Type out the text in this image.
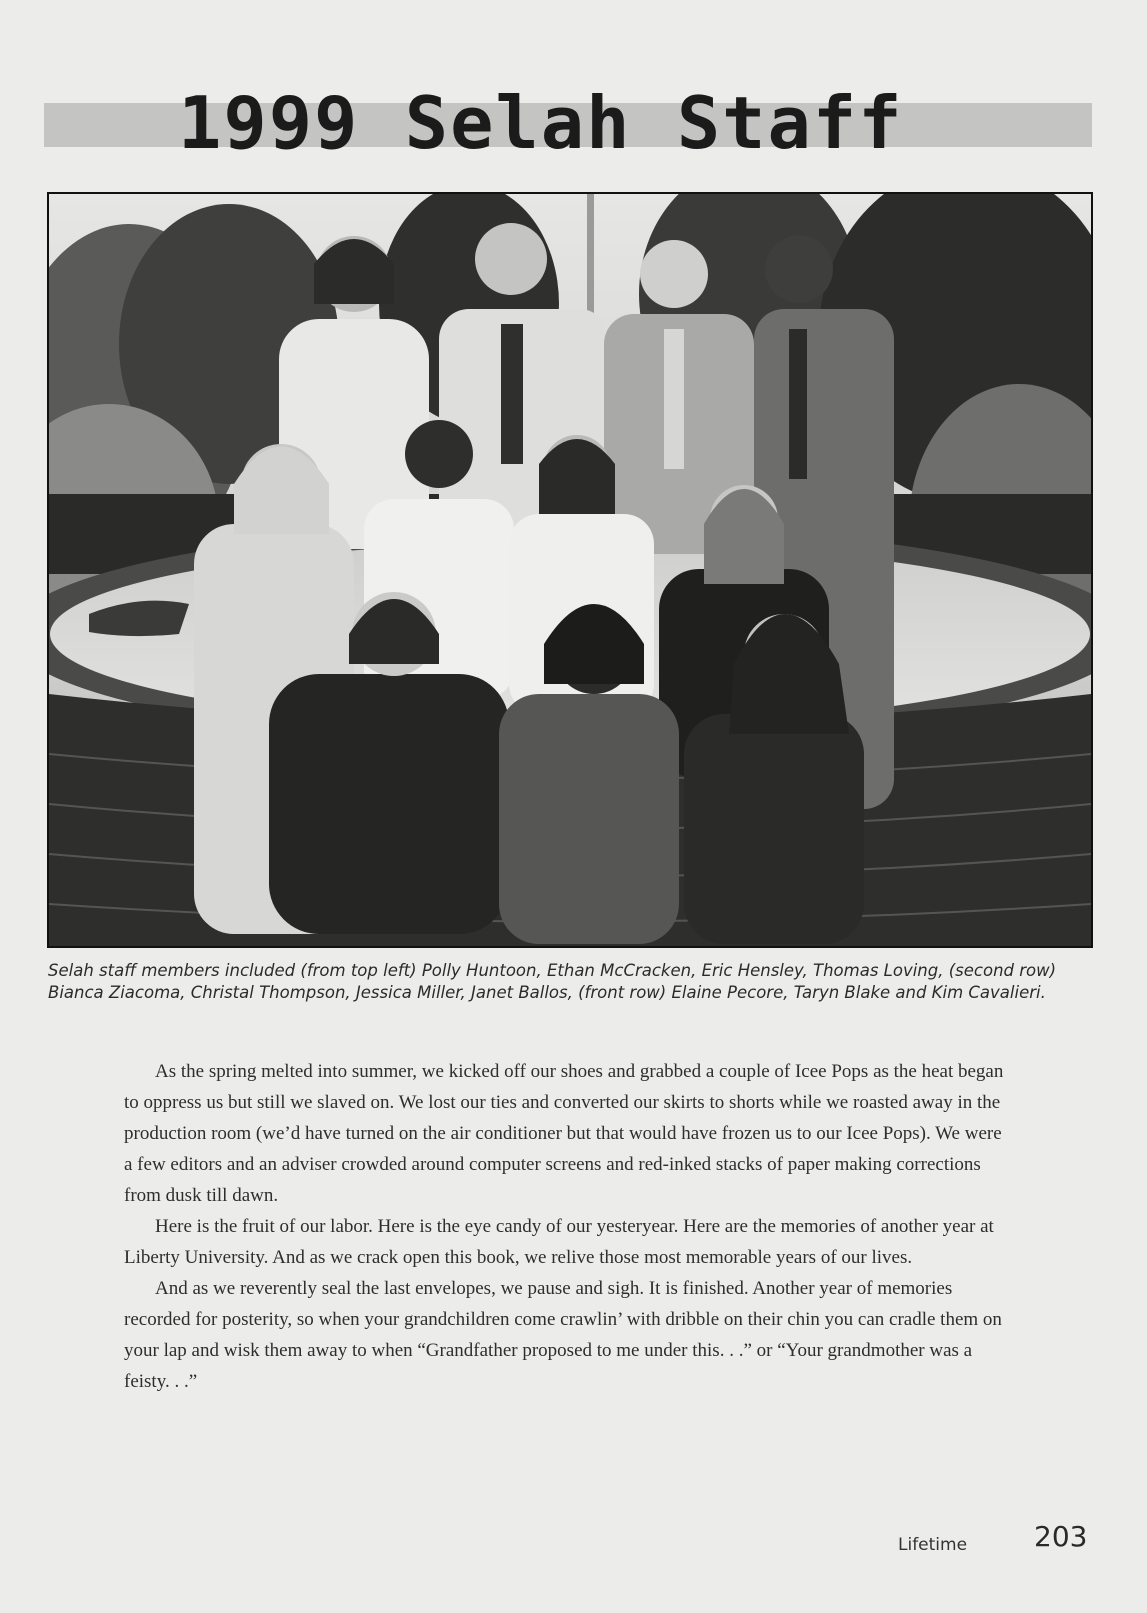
1999 Selah Staff
Selah staff members included (from top left) Polly Huntoon, Ethan McCracken, Eric Hensley, Thomas Loving, (second row) Bianca Ziacoma, Christal Thompson, Jessica Miller, Janet Ballos, (front row) Elaine Pecore, Taryn Blake and Kim Cavalieri.

As the spring melted into summer, we kicked off our shoes and grabbed a couple of Icee Pops as the heat began to oppress us but still we slaved on. We lost our ties and converted our skirts to shorts while we roasted away in the production room (we’d have turned on the air conditioner but that would have frozen us to our Icee Pops). We were a few editors and an adviser crowded around computer screens and red-inked stacks of paper making corrections from dusk till dawn.

Here is the fruit of our labor. Here is the eye candy of our yesteryear. Here are the memories of another year at Liberty University. And as we crack open this book, we relive those most memorable years of our lives.

And as we reverently seal the last envelopes, we pause and sigh. It is finished. Another year of memories recorded for posterity, so when your grandchildren come crawlin’ with dribble on their chin you can cradle them on your lap and wisk them away to when “Grandfather proposed to me under this. . .” or “Your grandmother was a feisty. . .”

Lifetime 203
